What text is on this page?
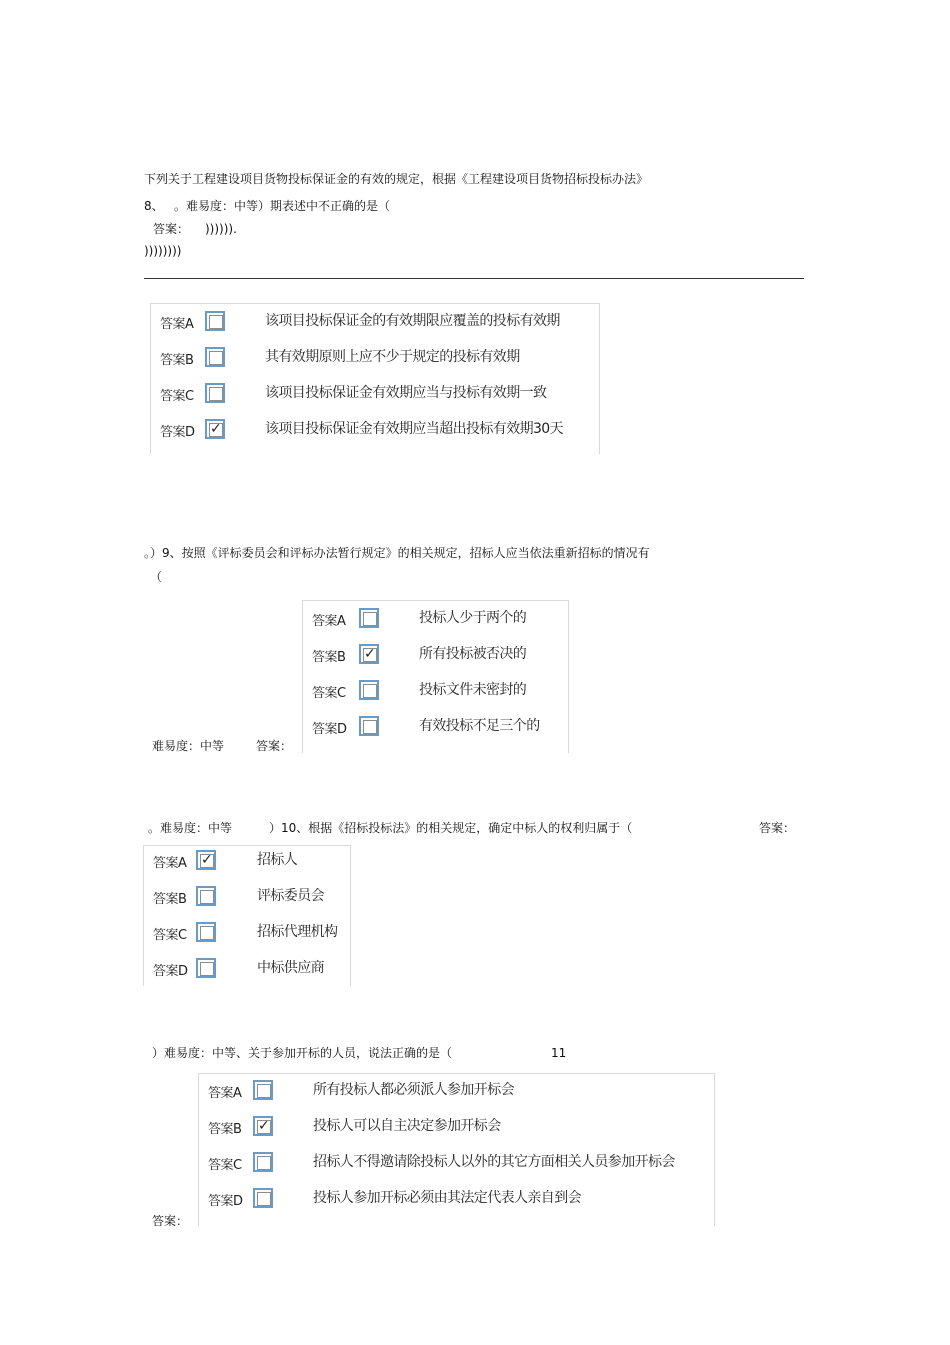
下列关于工程建设项目货物投标保证金的有效的规定，根据《工程建设项目货物招标投标办法》
8、 。难易度：中等）期表述中不正确的是（
答案： )))))).
))))))))
答案A	该项目投标保证金的有效期限应覆盖的投标有效期
答案B	其有效期原则上应不少于规定的投标有效期
答案C	该项目投标保证金有效期应当与投标有效期一致
答案D ✓	该项目投标保证金有效期应当超出投标有效期30天
。）9、按照《评标委员会和评标办法暂行规定》的相关规定，招标人应当依法重新招标的情况有
（
难易度：中等	答案：
答案A	投标人少于两个的
答案B ✓	所有投标被否决的
答案C	投标文件未密封的
答案D	有效投标不足三个的
。难易度：中等	）10、根据《招标投标法》的相关规定，确定中标人的权利归属于（	答案：
答案A ✓	招标人
答案B	评标委员会
答案C	招标代理机构
答案D	中标供应商
）难易度：中等、关于参加开标的人员，说法正确的是（	11
答案：
答案A	所有投标人都必须派人参加开标会
答案B ✓	投标人可以自主决定参加开标会
答案C	招标人不得邀请除投标人以外的其它方面相关人员参加开标会
答案D	投标人参加开标必须由其法定代表人亲自到会
